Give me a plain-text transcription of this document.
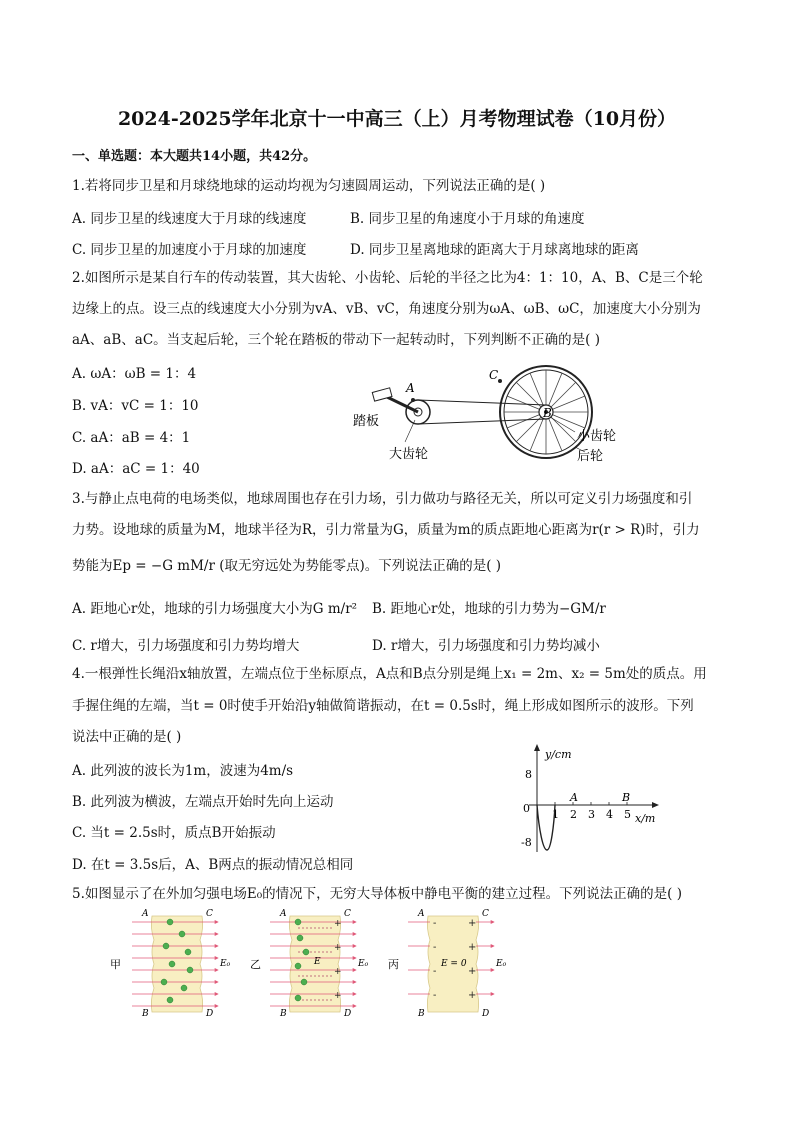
2024-2025学年北京十一中高三（上）月考物理试卷（10月份）
一、单选题：本大题共14小题，共42分。
1.若将同步卫星和月球绕地球的运动均视为匀速圆周运动，下列说法正确的是( )
A. 同步卫星的线速度大于月球的线速度	B. 同步卫星的角速度小于月球的角速度
C. 同步卫星的加速度小于月球的加速度	D. 同步卫星离地球的距离大于月球离地球的距离
2.如图所示是某自行车的传动装置，其大齿轮、小齿轮、后轮的半径之比为4：1：10，A、B、C是三个轮
边缘上的点。设三点的线速度大小分别为vA、vB、vC，角速度分别为ωA、ωB、ωC，加速度大小分别为
aA、aB、aC。当支起后轮，三个轮在踏板的带动下一起转动时，下列判断不正确的是( )
A. ωA：ωB = 1：4
B. vA：vC = 1：10
C. aA：aB = 4：1
D. aA：aC = 1：40
A
C
B
踏板
大齿轮
小齿轮
后轮
3.与静止点电荷的电场类似，地球周围也存在引力场，引力做功与路径无关，所以可定义引力场强度和引
力势。设地球的质量为M，地球半径为R，引力常量为G，质量为m的质点距地心距离为r(r > R)时，引力
势能为Ep = −G mM/r (取无穷远处为势能零点)。下列说法正确的是( )
A. 距地心r处，地球的引力场强度大小为G m/r² B. 距地心r处，地球的引力势为−GM/r
C. r增大，引力场强度和引力势均增大	D. r增大，引力场强度和引力势均减小
4.一根弹性长绳沿x轴放置，左端点位于坐标原点，A点和B点分别是绳上x₁ = 2m、x₂ = 5m处的质点。用
手握住绳的左端，当t = 0时使手开始沿y轴做简谐振动，在t = 0.5s时，绳上形成如图所示的波形。下列
说法中正确的是( )
A. 此列波的波长为1m，波速为4m/s
B. 此列波为横波，左端点开始时先向上运动
C. 当t = 2.5s时，质点B开始振动
D. 在t = 3.5s后，A、B两点的振动情况总相同
y/cm
x/m
8
0
-8
1 2 3 4 5
A	B
5.如图显示了在外加匀强电场E₀的情况下，无穷大导体板中静电平衡的建立过程。下列说法正确的是( )
甲
A	C
B	D
E₀ 乙
+
+
+
+
E
A	C
B	D
E₀ 丙
-
-
-
-
+
+
+
+
E = 0
A	C
B	D
E₀
